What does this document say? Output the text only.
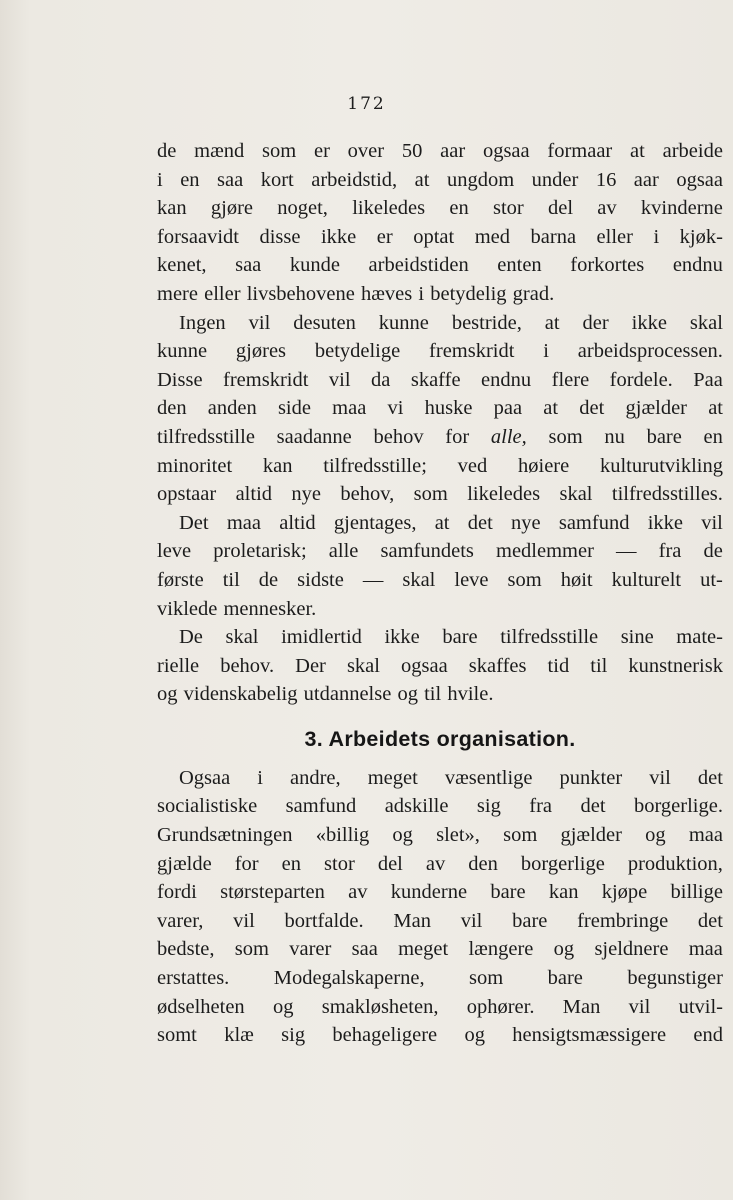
172
de mænd som er over 50 aar ogsaa formaar at arbeide
i en saa kort arbeidstid, at ungdom under 16 aar ogsaa
kan gjøre noget, likeledes en stor del av kvinderne
forsaavidt disse ikke er optat med barna eller i kjøk-
kenet, saa kunde arbeidstiden enten forkortes endnu
mere eller livsbehovene hæves i betydelig grad.
Ingen vil desuten kunne bestride, at der ikke skal
kunne gjøres betydelige fremskridt i arbeidsprocessen.
Disse fremskridt vil da skaffe endnu flere fordele. Paa
den anden side maa vi huske paa at det gjælder at
tilfredsstille saadanne behov for alle, som nu bare en
minoritet kan tilfredsstille; ved høiere kulturutvikling
opstaar altid nye behov, som likeledes skal tilfredsstilles.
Det maa altid gjentages, at det nye samfund ikke vil
leve proletarisk; alle samfundets medlemmer — fra de
første til de sidste — skal leve som høit kulturelt ut-
viklede mennesker.
De skal imidlertid ikke bare tilfredsstille sine mate-
rielle behov. Der skal ogsaa skaffes tid til kunstnerisk
og videnskabelig utdannelse og til hvile.
3. Arbeidets organisation.
Ogsaa i andre, meget væsentlige punkter vil det
socialistiske samfund adskille sig fra det borgerlige.
Grundsætningen «billig og slet», som gjælder og maa
gjælde for en stor del av den borgerlige produktion,
fordi størsteparten av kunderne bare kan kjøpe billige
varer, vil bortfalde. Man vil bare frembringe det
bedste, som varer saa meget længere og sjeldnere maa
erstattes. Modegalskaperne, som bare begunstiger
ødselheten og smakløsheten, ophører. Man vil utvil-
somt klæ sig behageligere og hensigtsmæssigere end
